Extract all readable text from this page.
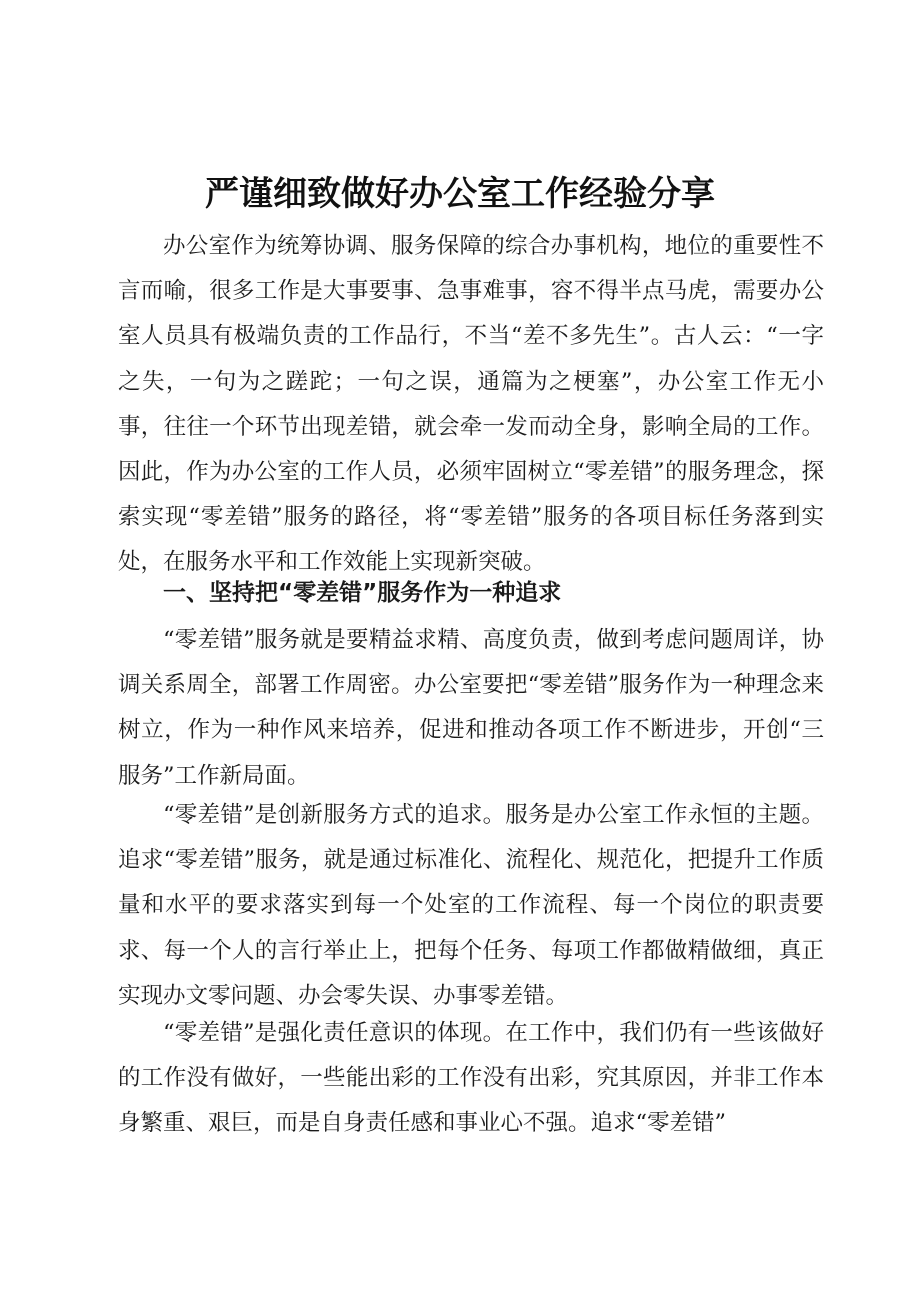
严谨细致做好办公室工作经验分享

办公室作为统筹协调、服务保障的综合办事机构，地位的重要性不言而喻，很多工作是大事要事、急事难事，容不得半点马虎，需要办公室人员具有极端负责的工作品行，不当“差不多先生”。古人云：“一字之失，一句为之蹉跎；一句之误，通篇为之梗塞”，办公室工作无小事，往往一个环节出现差错，就会牵一发而动全身，影响全局的工作。因此，作为办公室的工作人员，必须牢固树立“零差错”的服务理念，探索实现“零差错”服务的路径，将“零差错”服务的各项目标任务落到实处，在服务水平和工作效能上实现新突破。

一、坚持把“零差错”服务作为一种追求

“零差错”服务就是要精益求精、高度负责，做到考虑问题周详，协调关系周全，部署工作周密。办公室要把“零差错”服务作为一种理念来树立，作为一种作风来培养，促进和推动各项工作不断进步，开创“三服务”工作新局面。

“零差错”是创新服务方式的追求。服务是办公室工作永恒的主题。追求“零差错”服务，就是通过标准化、流程化、规范化，把提升工作质量和水平的要求落实到每一个处室的工作流程、每一个岗位的职责要求、每一个人的言行举止上，把每个任务、每项工作都做精做细，真正实现办文零问题、办会零失误、办事零差错。

“零差错”是强化责任意识的体现。在工作中，我们仍有一些该做好的工作没有做好，一些能出彩的工作没有出彩，究其原因，并非工作本身繁重、艰巨，而是自身责任感和事业心不强。追求“零差错”
